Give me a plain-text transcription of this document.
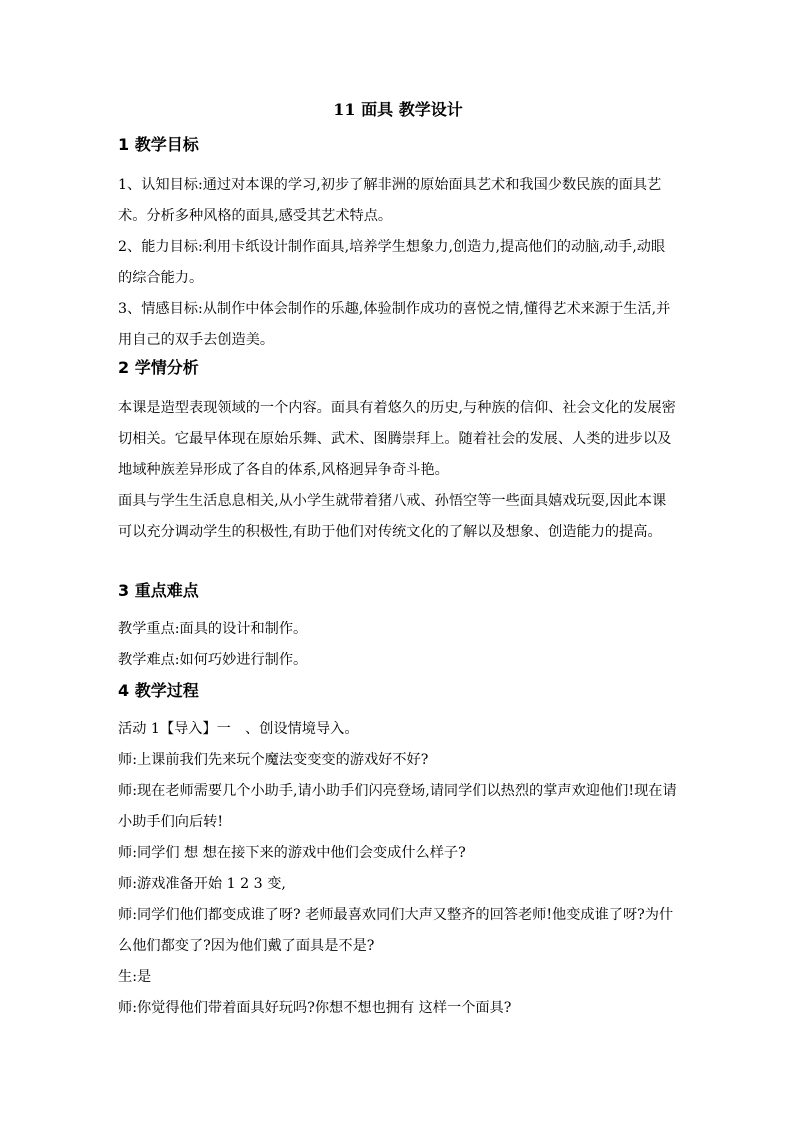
11 面具 教学设计
1 教学目标
1、认知目标:通过对本课的学习,初步了解非洲的原始面具艺术和我国少数民族的面具艺术。分析多种风格的面具,感受其艺术特点。
2、能力目标:利用卡纸设计制作面具,培养学生想象力,创造力,提高他们的动脑,动手,动眼的综合能力。
3、情感目标:从制作中体会制作的乐趣,体验制作成功的喜悦之情,懂得艺术来源于生活,并用自己的双手去创造美。
2 学情分析
本课是造型表现领域的一个内容。面具有着悠久的历史,与种族的信仰、社会文化的发展密切相关。它最早体现在原始乐舞、武术、图腾崇拜上。随着社会的发展、人类的进步以及地域种族差异形成了各自的体系,风格迥异争奇斗艳。
面具与学生生活息息相关,从小学生就带着猪八戒、孙悟空等一些面具嬉戏玩耍,因此本课可以充分调动学生的积极性,有助于他们对传统文化的了解以及想象、创造能力的提高。
3 重点难点
教学重点:面具的设计和制作。
教学难点:如何巧妙进行制作。
4 教学过程
活动 1【导入】一　、创设情境导入。
师:上课前我们先来玩个魔法变变变的游戏好不好?
师:现在老师需要几个小助手,请小助手们闪亮登场,请同学们以热烈的掌声欢迎他们!现在请小助手们向后转!
师:同学们 想 想在接下来的游戏中他们会变成什么样子?
师:游戏准备开始 1 2 3 变,
师:同学们他们都变成谁了呀? 老师最喜欢同们大声又整齐的回答老师!他变成谁了呀?为什么他们都变了?因为他们戴了面具是不是?
生:是
师:你觉得他们带着面具好玩吗?你想不想也拥有 这样一个面具?
